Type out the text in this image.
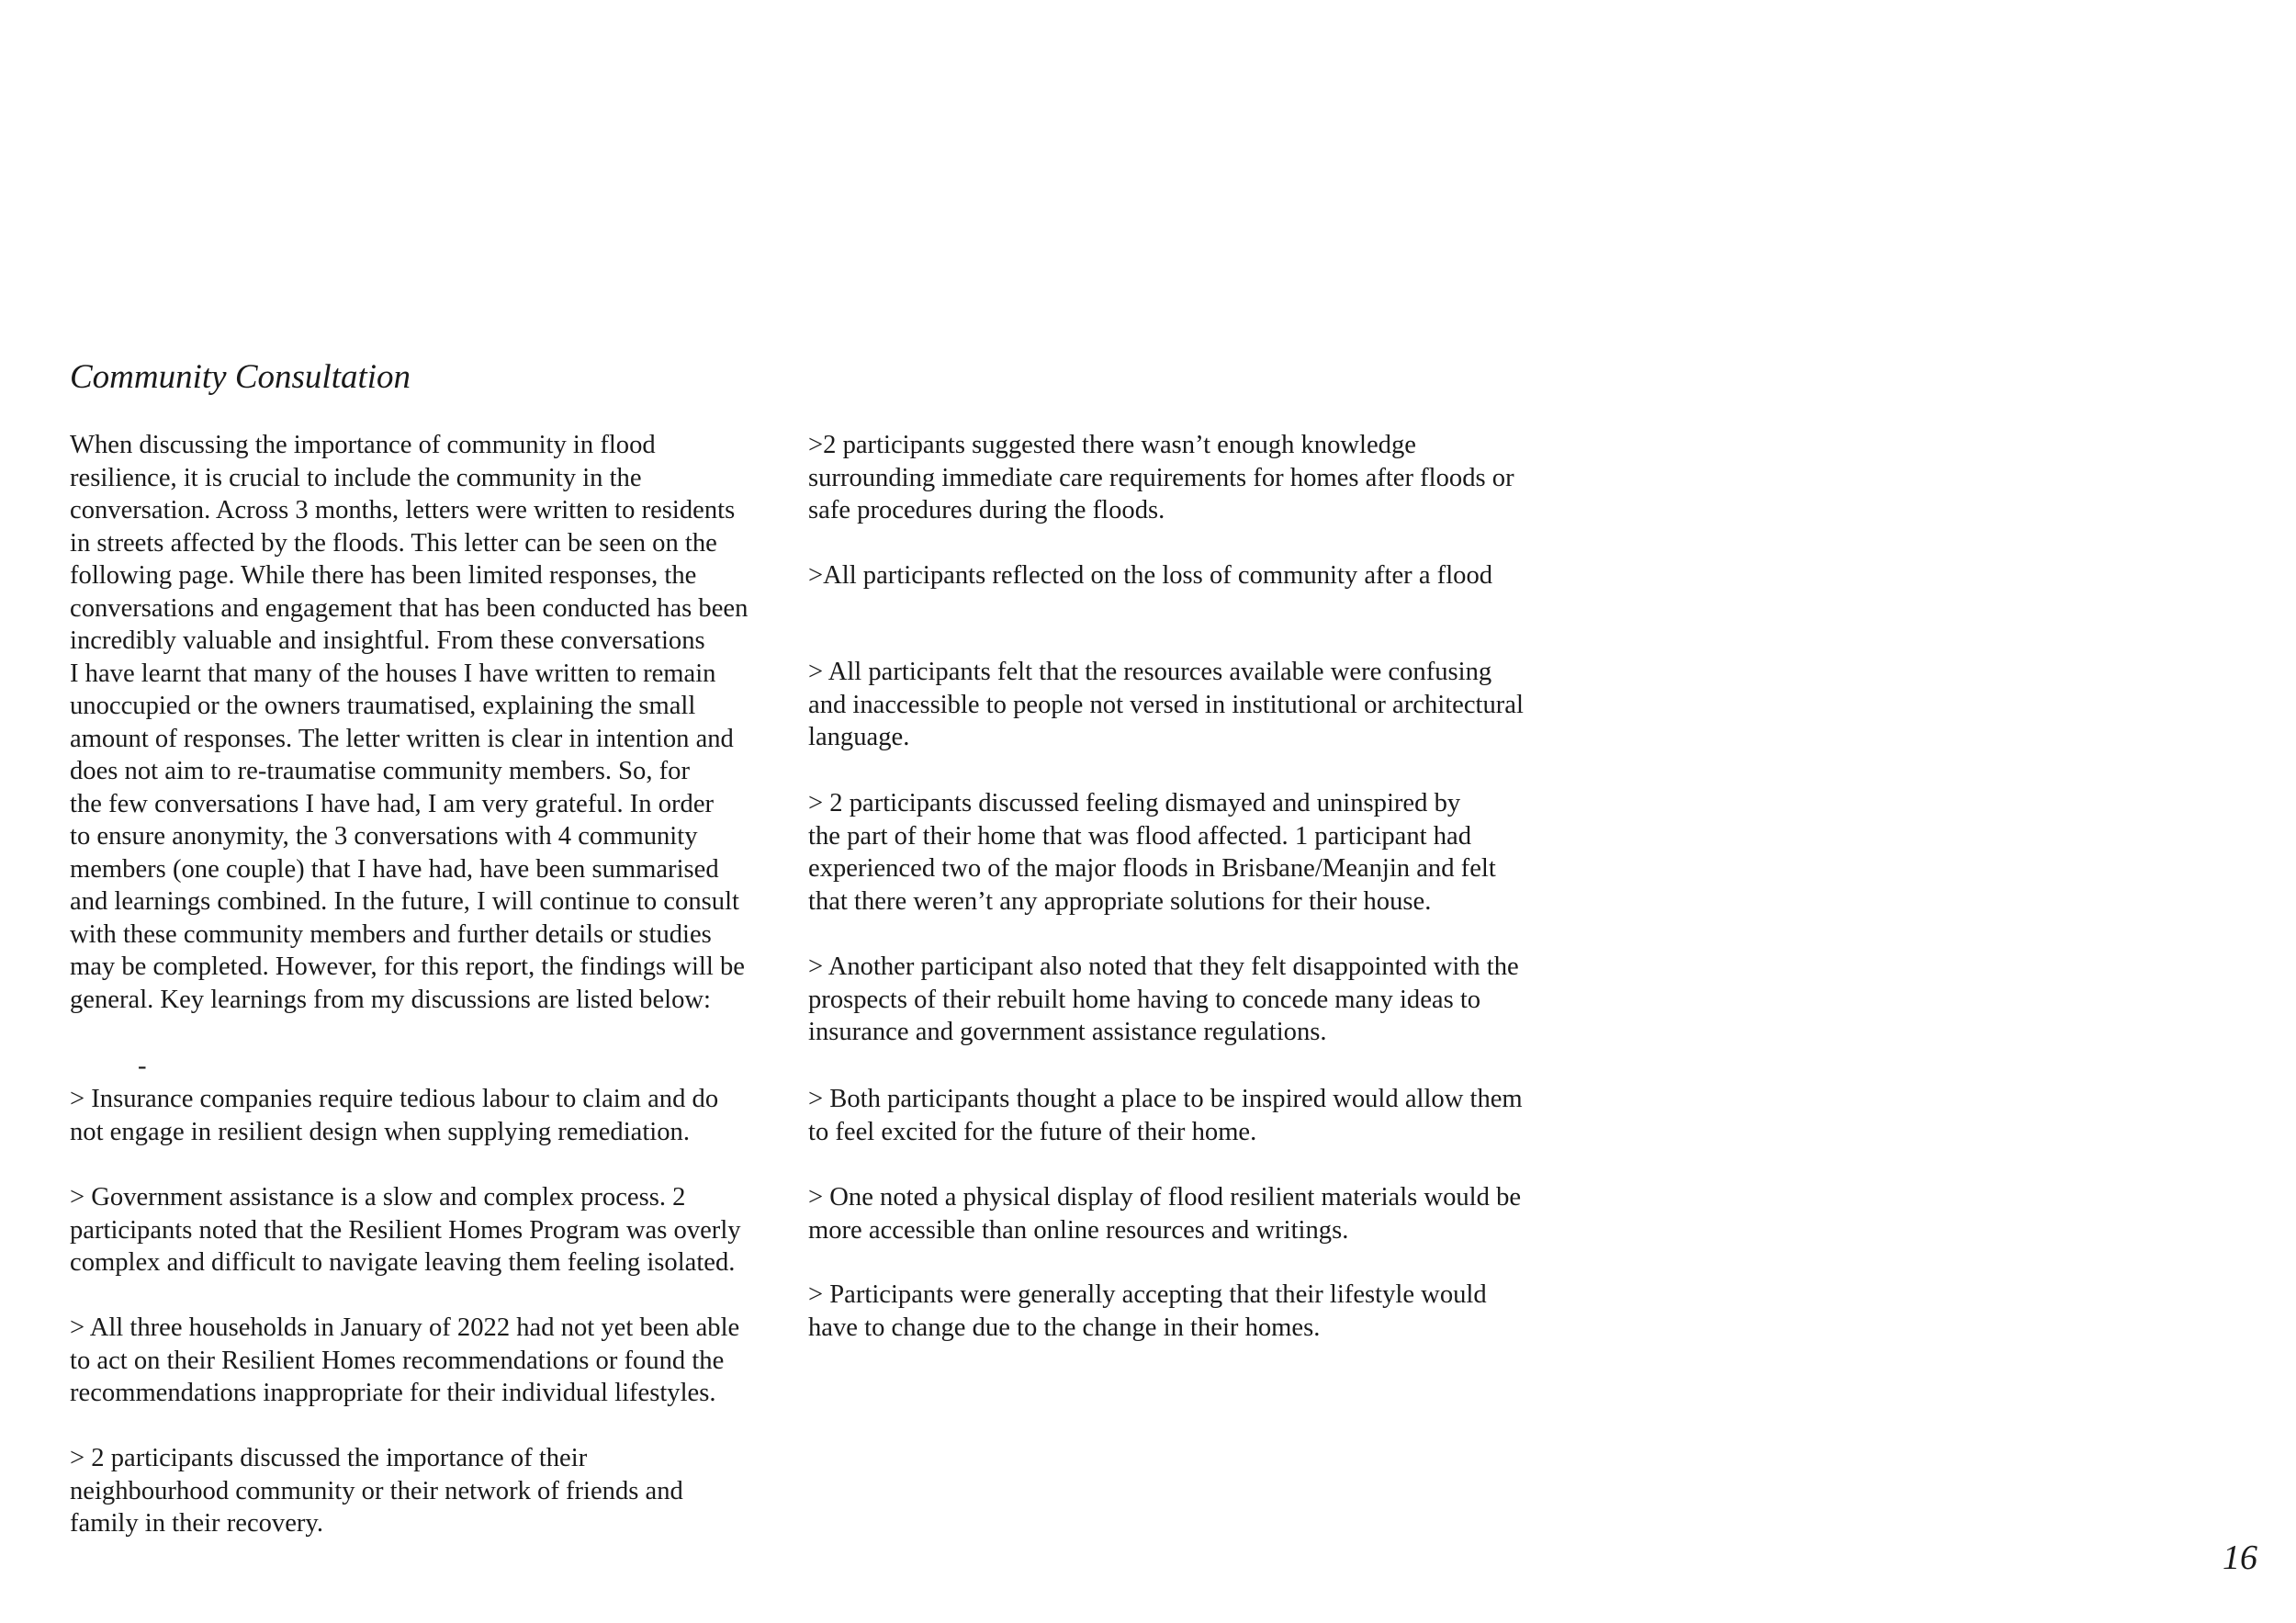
Community Consultation

When discussing the importance of community in flood
resilience, it is crucial to include the community in the
conversation. Across 3 months, letters were written to residents
in streets affected by the floods. This letter can be seen on the
following page. While there has been limited responses, the
conversations and engagement that has been conducted has been
incredibly valuable and insightful. From these conversations
I have learnt that many of the houses I have written to remain
unoccupied or the owners traumatised, explaining the small
amount of responses. The letter written is clear in intention and
does not aim to re-traumatise community members. So, for
the few conversations I have had, I am very grateful. In order
to ensure anonymity, the 3 conversations with 4 community
members (one couple) that I have had, have been summarised
and learnings combined. In the future, I will continue to consult
with these community members and further details or studies
may be completed. However, for this report, the findings will be
general. Key learnings from my discussions are listed below:

-

> Insurance companies require tedious labour to claim and do
not engage in resilient design when supplying remediation.

> Government assistance is a slow and complex process. 2
participants noted that the Resilient Homes Program was overly
complex and difficult to navigate leaving them feeling isolated.

> All three households in January of 2022 had not yet been able
to act on their Resilient Homes recommendations or found the
recommendations inappropriate for their individual lifestyles.

> 2 participants discussed the importance of their
neighbourhood community or their network of friends and
family in their recovery.

>2 participants suggested there wasn’t enough knowledge
surrounding immediate care requirements for homes after floods or
safe procedures during the floods.

>All participants reflected on the loss of community after a flood

> All participants felt that the resources available were confusing
and inaccessible to people not versed in institutional or architectural
language.

> 2 participants discussed feeling dismayed and uninspired by
the part of their home that was flood affected. 1 participant had
experienced two of the major floods in Brisbane/Meanjin and felt
that there weren’t any appropriate solutions for their house.

> Another participant also noted that they felt disappointed with the
prospects of their rebuilt home having to concede many ideas to
insurance and government assistance regulations.

> Both participants thought a place to be inspired would allow them
to feel excited for the future of their home.

> One noted a physical display of flood resilient materials would be
more accessible than online resources and writings.

> Participants were generally accepting that their lifestyle would
have to change due to the change in their homes.

16
